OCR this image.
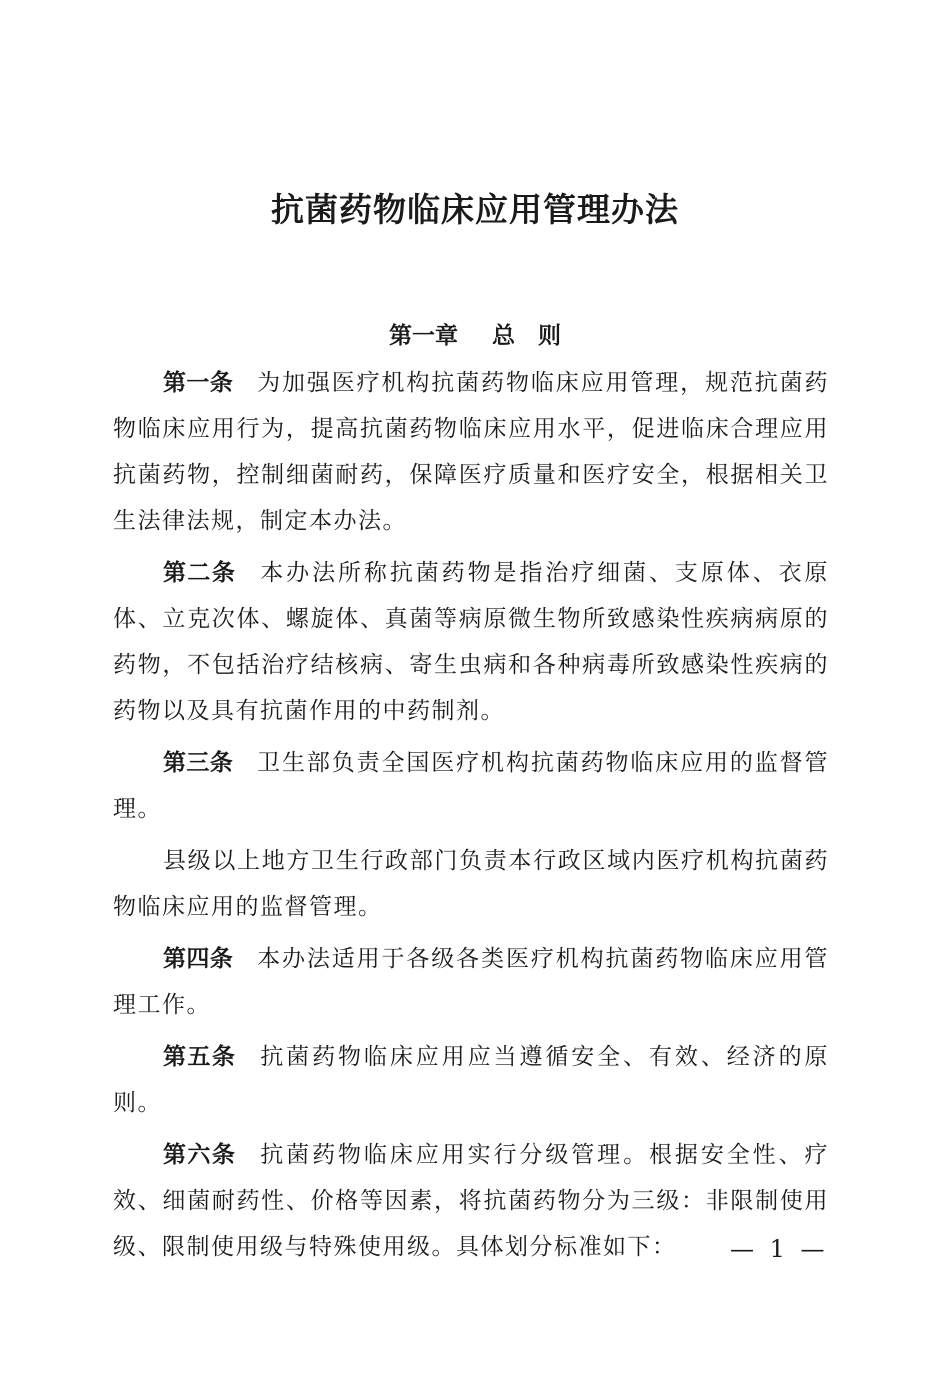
抗菌药物临床应用管理办法
第一章 总　则

第一条 为加强医疗机构抗菌药物临床应用管理，规范抗菌药物临床应用行为，提高抗菌药物临床应用水平，促进临床合理应用抗菌药物，控制细菌耐药，保障医疗质量和医疗安全，根据相关卫生法律法规，制定本办法。

第二条 本办法所称抗菌药物是指治疗细菌、支原体、衣原体、立克次体、螺旋体、真菌等病原微生物所致感染性疾病病原的药物，不包括治疗结核病、寄生虫病和各种病毒所致感染性疾病的药物以及具有抗菌作用的中药制剂。

第三条 卫生部负责全国医疗机构抗菌药物临床应用的监督管理。

县级以上地方卫生行政部门负责本行政区域内医疗机构抗菌药物临床应用的监督管理。

第四条 本办法适用于各级各类医疗机构抗菌药物临床应用管理工作。

第五条 抗菌药物临床应用应当遵循安全、有效、经济的原则。

第六条 抗菌药物临床应用实行分级管理。根据安全性、疗效、细菌耐药性、价格等因素，将抗菌药物分为三级：非限制使用级、限制使用级与特殊使用级。具体划分标准如下：	— 1 —
